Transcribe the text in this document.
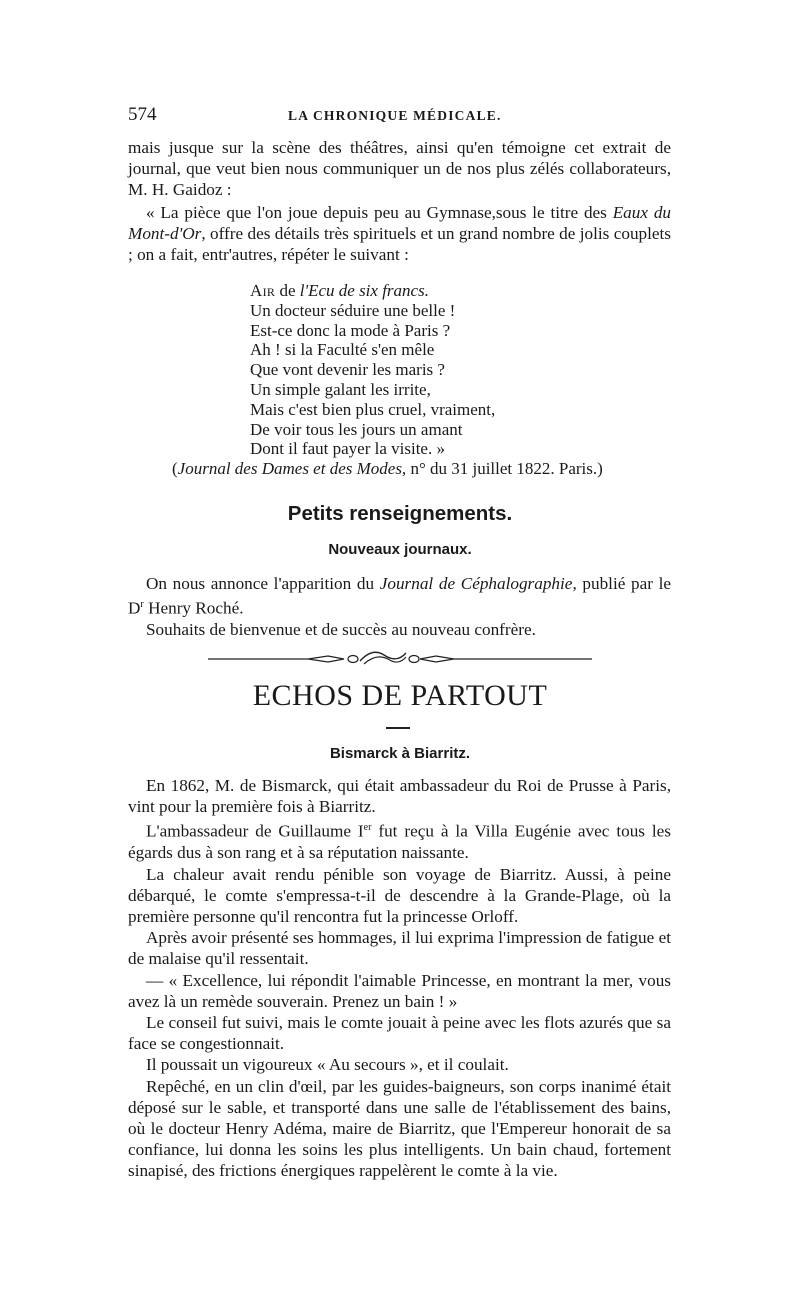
574	LA CHRONIQUE MÉDICALE.

mais jusque sur la scène des théâtres, ainsi qu'en témoigne cet extrait de journal, que veut bien nous communiquer un de nos plus zélés collaborateurs, M. H. Gaidoz :

« La pièce que l'on joue depuis peu au Gymnase,sous le titre des Eaux du Mont-d'Or, offre des détails très spirituels et un grand nombre de jolis couplets ; on a fait, entr'autres, répéter le suivant :

Air de l'Ecu de six francs.
Un docteur séduire une belle !
Est-ce donc la mode à Paris ?
Ah ! si la Faculté s'en mêle
Que vont devenir les maris ?
Un simple galant les irrite,
Mais c'est bien plus cruel, vraiment,
De voir tous les jours un amant
Dont il faut payer la visite. »
(Journal des Dames et des Modes, n° du 31 juillet 1822. Paris.)
Petits renseignements.
Nouveaux journaux.

On nous annonce l'apparition du Journal de Céphalographie, publié par le $D^r$ Henry Roché.

Souhaits de bienvenue et de succès au nouveau confrère.

ECHOS DE PARTOUT
Bismarck à Biarritz.

En 1862, M. de Bismarck, qui était ambassadeur du Roi de Prusse à Paris, vint pour la première fois à Biarritz.

L'ambassadeur de Guillaume Ier fut reçu à la Villa Eugénie avec tous les égards dus à son rang et à sa réputation naissante.

La chaleur avait rendu pénible son voyage de Biarritz. Aussi, à peine débarqué, le comte s'empressa-t-il de descendre à la Grande-Plage, où la première personne qu'il rencontra fut la princesse Orloff.

Après avoir présenté ses hommages, il lui exprima l'impression de fatigue et de malaise qu'il ressentait.

— « Excellence, lui répondit l'aimable Princesse, en montrant la mer, vous avez là un remède souverain. Prenez un bain ! »

Le conseil fut suivi, mais le comte jouait à peine avec les flots azurés que sa face se congestionnait.

Il poussait un vigoureux « Au secours », et il coulait.

Repêché, en un clin d'œil, par les guides-baigneurs, son corps inanimé était déposé sur le sable, et transporté dans une salle de l'établissement des bains, où le docteur Henry Adéma, maire de Biarritz, que l'Empereur honorait de sa confiance, lui donna les soins les plus intelligents. Un bain chaud, fortement sinapisé, des frictions énergiques rappelèrent le comte à la vie.
